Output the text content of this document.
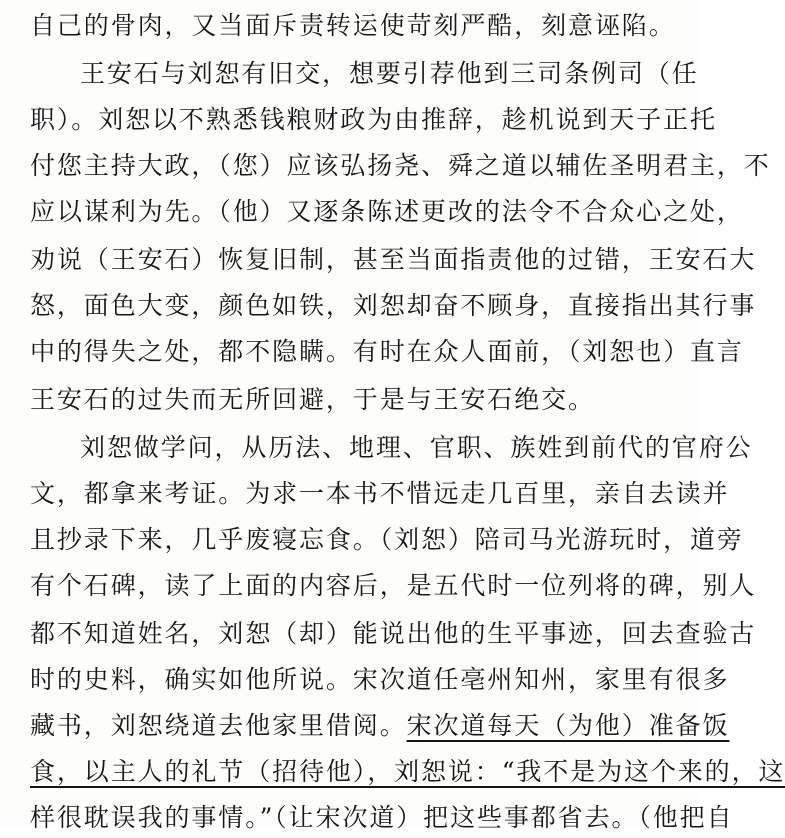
自己的骨肉，又当面斥责转运使苛刻严酷，刻意诬陷。
王安石与刘恕有旧交，想要引荐他到三司条例司（任
职）。刘恕以不熟悉钱粮财政为由推辞，趁机说到天子正托
付您主持大政，（您）应该弘扬尧、舜之道以辅佐圣明君主，不
应以谋利为先。（他）又逐条陈述更改的法令不合众心之处，
劝说（王安石）恢复旧制，甚至当面指责他的过错，王安石大
怒，面色大变，颜色如铁，刘恕却奋不顾身，直接指出其行事
中的得失之处，都不隐瞒。有时在众人面前，（刘恕也）直言
王安石的过失而无所回避，于是与王安石绝交。
刘恕做学问，从历法、地理、官职、族姓到前代的官府公
文，都拿来考证。为求一本书不惜远走几百里，亲自去读并
且抄录下来，几乎废寝忘食。（刘恕）陪司马光游玩时，道旁
有个石碑，读了上面的内容后，是五代时一位列将的碑，别人
都不知道姓名，刘恕（却）能说出他的生平事迹，回去查验古
时的史料，确实如他所说。宋次道任亳州知州，家里有很多
藏书，刘恕绕道去他家里借阅。宋次道每天（为他）准备饭
食，以主人的礼节（招待他），刘恕说：“我不是为这个来的，这
样很耽误我的事情。”（让宋次道）把这些事都省去。（他把自
